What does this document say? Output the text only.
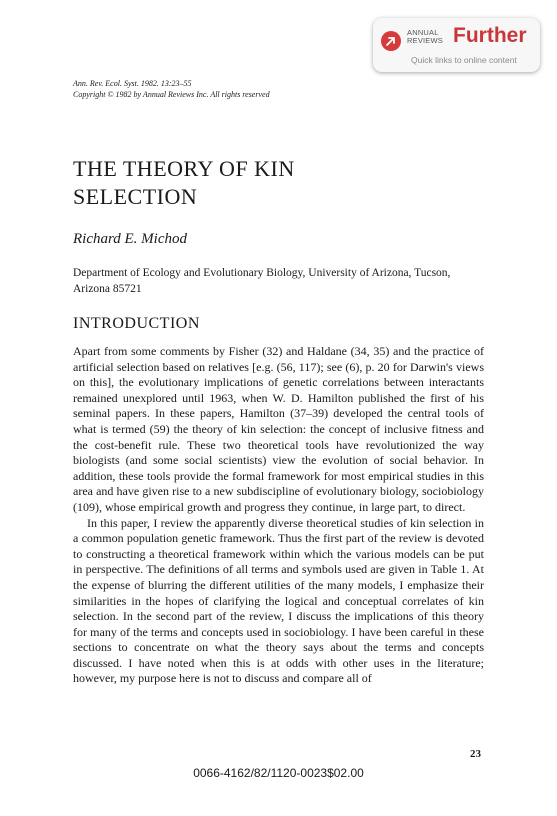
ANNUAL REVIEWS Further
Quick links to online content
Ann. Rev. Ecol. Syst. 1982. 13:23–55
Copyright © 1982 by Annual Reviews Inc. All rights reserved
THE THEORY OF KIN SELECTION
Richard E. Michod
Department of Ecology and Evolutionary Biology, University of Arizona, Tucson, Arizona 85721
INTRODUCTION

Apart from some comments by Fisher (32) and Haldane (34, 35) and the practice of artificial selection based on relatives [e.g. (56, 117); see (6), p. 20 for Darwin's views on this], the evolutionary implications of genetic correlations between interactants remained unexplored until 1963, when W. D. Hamilton published the first of his seminal papers. In these papers, Hamilton (37–39) developed the central tools of what is termed (59) the theory of kin selection: the concept of inclusive fitness and the cost-benefit rule. These two theoretical tools have revolutionized the way biologists (and some social scientists) view the evolution of social behavior. In addition, these tools provide the formal framework for most empirical studies in this area and have given rise to a new subdiscipline of evolutionary biology, sociobiology (109), whose empirical growth and progress they continue, in large part, to direct.

In this paper, I review the apparently diverse theoretical studies of kin selection in a common population genetic framework. Thus the first part of the review is devoted to constructing a theoretical framework within which the various models can be put in perspective. The definitions of all terms and symbols used are given in Table 1. At the expense of blurring the different utilities of the many models, I emphasize their similarities in the hopes of clarifying the logical and conceptual correlates of kin selection. In the second part of the review, I discuss the implications of this theory for many of the terms and concepts used in sociobiology. I have been careful in these sections to concentrate on what the theory says about the terms and concepts discussed. I have noted when this is at odds with other uses in the literature; however, my purpose here is not to discuss and compare all of

23
0066-4162/82/1120-0023$02.00
